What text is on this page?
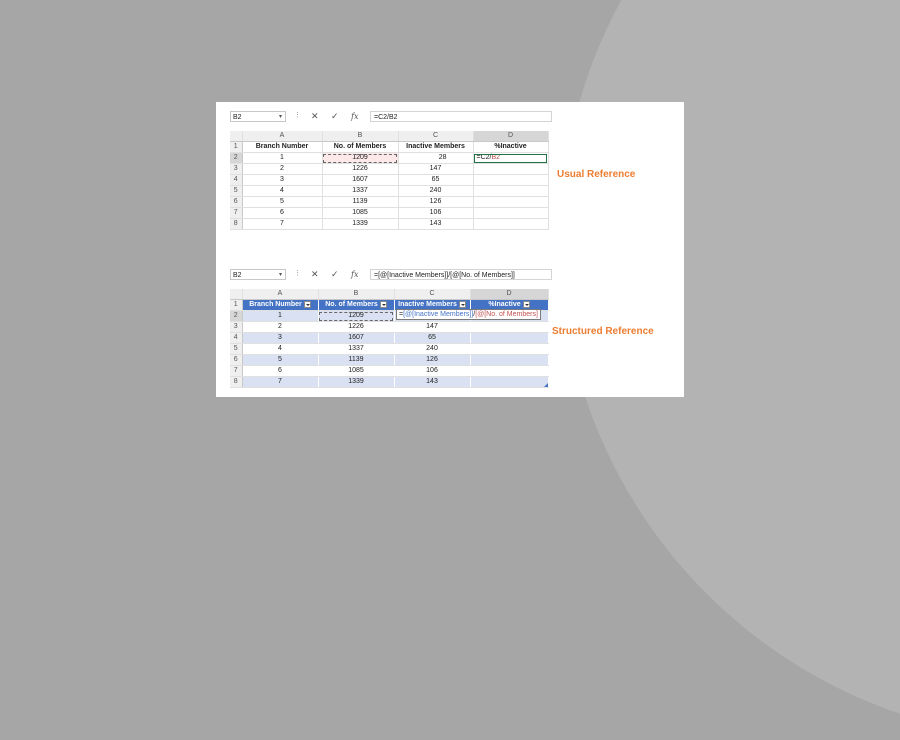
B2	▾ ⋮ ✕ ✓ fx	=C2/B2
	A	B	C	D
1	Branch Number	No. of Members	Inactive Members	%Inactive
2	1	1209	28	=C2/B2
3	2	1226	147	
4	3	1607	65	
5	4	1337	240	
6	5	1139	126	
7	6	1085	106	
8	7	1339	143	
Usual Reference
B2	▾ ⋮ ✕ ✓ fx	=[@[Inactive Members]]/[@[No. of Members]]
	A	B	C	D
1	Branch Number	No. of Members	Inactive Members	%Inactive
2	1	1209		
3	2	1226	147	
4	3	1607	65	
5	4	1337	240	
6	5	1139	126	
7	6	1085	106	
8	7	1339	143	
=[@[Inactive Members]]/[@[No. of Members]
Structured Reference
